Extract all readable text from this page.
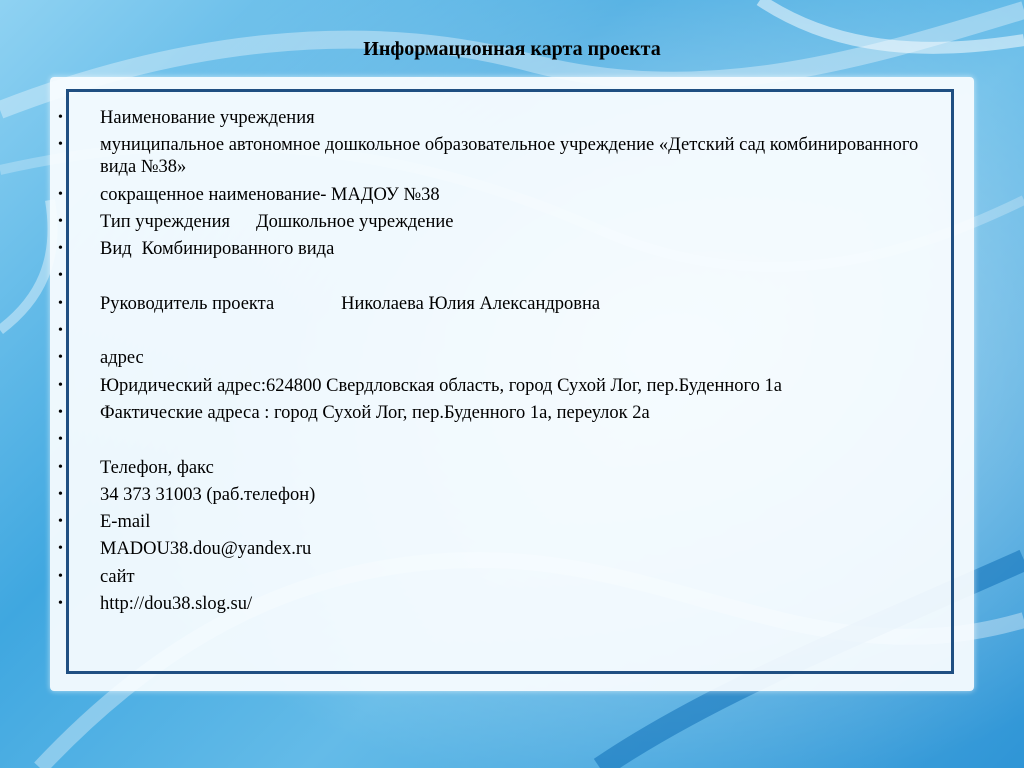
Информационная карта проекта
• Наименование учреждения
• муниципальное автономное дошкольное образовательное учреждение «Детский сад комбинированного вида №38»
• сокращенное наименование- МАДОУ №38
• Тип учреждения Дошкольное учреждение
• Вид Комбинированного вида
•
• Руководитель проекта	Николаева Юлия Александровна
•
• адрес
• Юридический адрес:624800 Свердловская область, город Сухой Лог, пер.Буденного 1а
• Фактические адреса : город Сухой Лог, пер.Буденного 1а, переулок 2а
•
• Телефон, факс
• 34 373 31003 (раб.телефон)
• E-mail
• MADOU38.dou@yandex.ru
• сайт
• http://dou38.slog.su/
